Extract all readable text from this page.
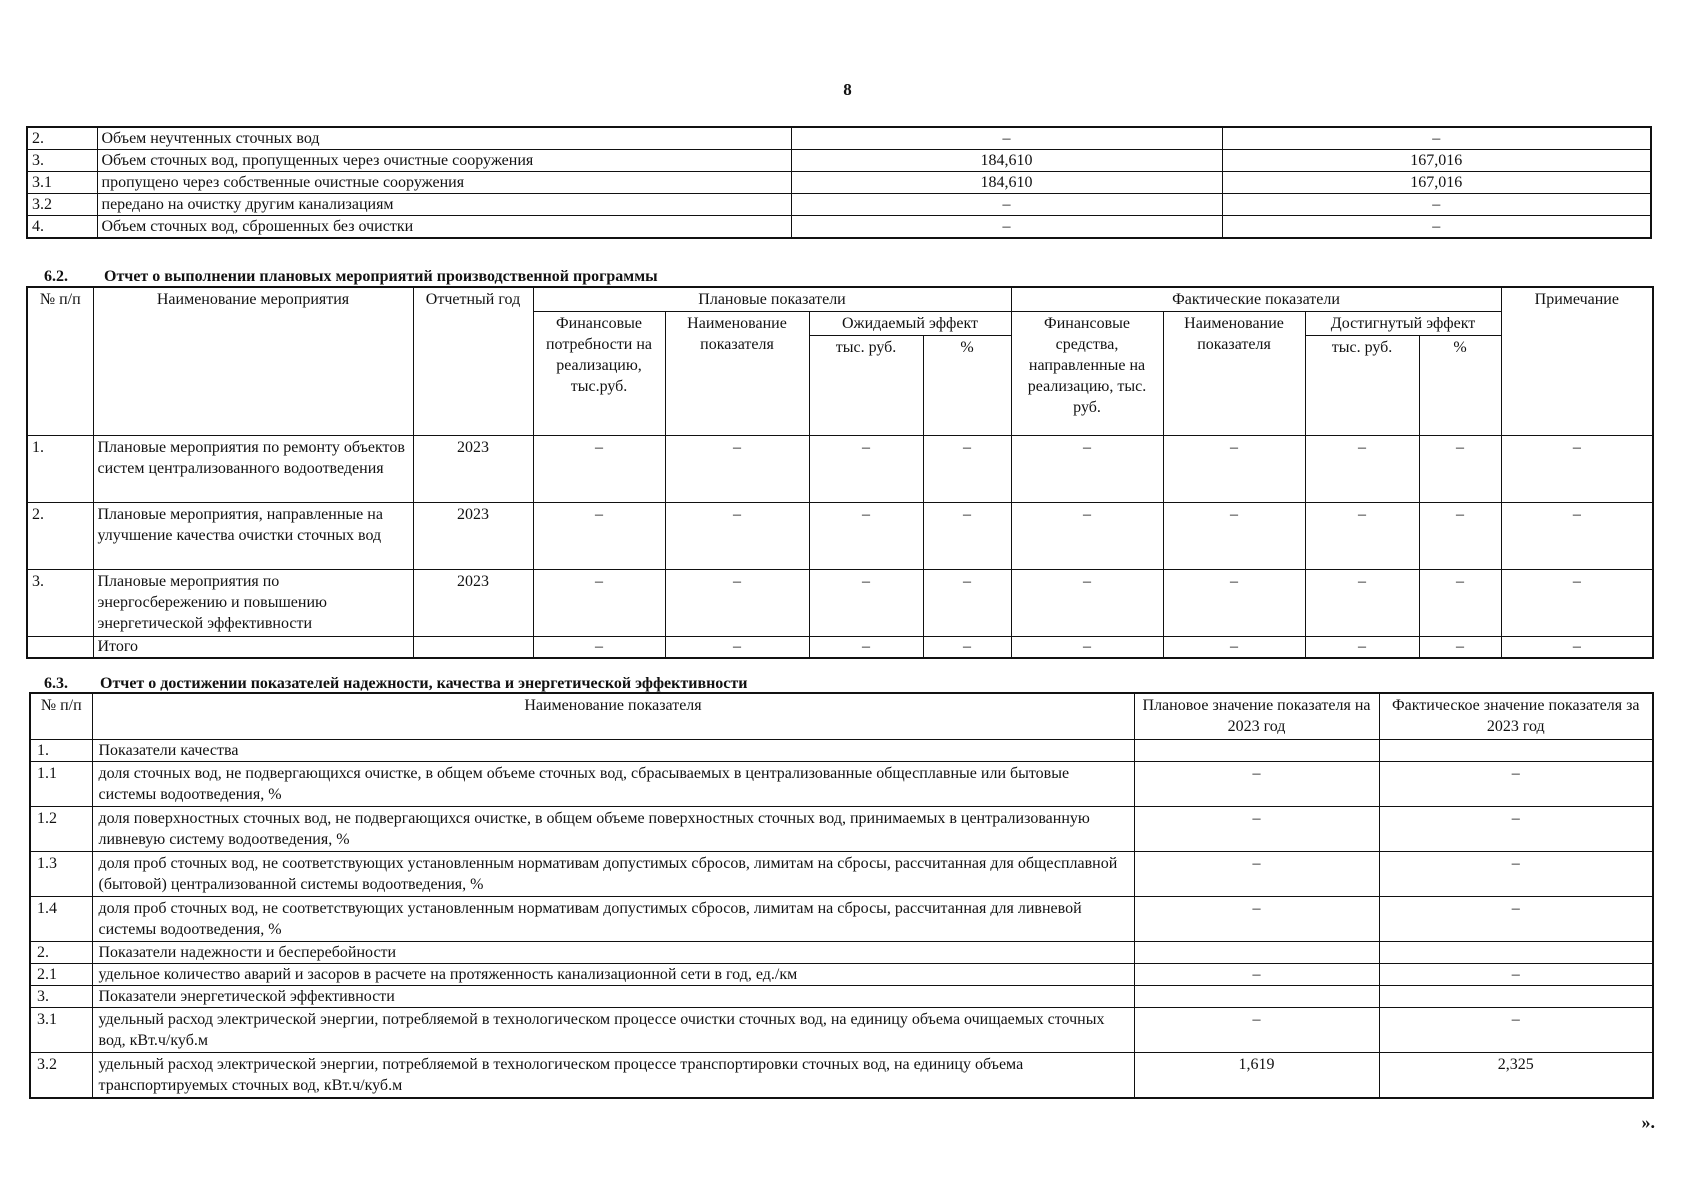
8
2.	Объем неучтенных сточных вод	–	–
3.	Объем сточных вод, пропущенных через очистные сооружения	184,610	167,016
3.1	пропущено через собственные очистные сооружения	184,610	167,016
3.2	передано на очистку другим канализациям	–	–
4.	Объем сточных вод, сброшенных без очистки	–	–
6.2. Отчет о выполнении плановых мероприятий производственной программы
№ п/п	Наименование мероприятия	Отчетный год	Плановые показатели				Фактические показатели				Примечание
			Финансовые потребности на реализацию, тыс.руб.	Наименование показателя	Ожидаемый эффект		Финансовые средства, направленные на реализацию, тыс. руб.	Наименование показателя	Достигнутый эффект		
					тыс. руб.	%			тыс. руб.	%	
1.	Плановые мероприятия по ремонту объектов систем централизованного водоотведения	2023	–	–	–	–	–	–	–	–	–
2.	Плановые мероприятия, направленные на улучшение качества очистки сточных вод	2023	–	–	–	–	–	–	–	–	–
3.	Плановые мероприятия по энергосбережению и повышению энергетической эффективности	2023	–	–	–	–	–	–	–	–	–
	Итого		–	–	–	–	–	–	–	–	–
6.3. Отчет о достижении показателей надежности, качества и энергетической эффективности
№ п/п	Наименование показателя	Плановое значение показателя на 2023 год	Фактическое значение показателя за 2023 год
1.	Показатели качества		
1.1	доля сточных вод, не подвергающихся очистке, в общем объеме сточных вод, сбрасываемых в централизованные общесплавные или бытовые системы водоотведения, %	–	–
1.2	доля поверхностных сточных вод, не подвергающихся очистке, в общем объеме поверхностных сточных вод, принимаемых в централизованную ливневую систему водоотведения, %	–	–
1.3	доля проб сточных вод, не соответствующих установленным нормативам допустимых сбросов, лимитам на сбросы, рассчитанная для общесплавной (бытовой) централизованной системы водоотведения, %	–	–
1.4	доля проб сточных вод, не соответствующих установленным нормативам допустимых сбросов, лимитам на сбросы, рассчитанная для ливневой системы водоотведения, %	–	–
2.	Показатели надежности и бесперебойности		
2.1	удельное количество аварий и засоров в расчете на протяженность канализационной сети в год, ед./км	–	–
3.	Показатели энергетической эффективности		
3.1	удельный расход электрической энергии, потребляемой в технологическом процессе очистки сточных вод, на единицу объема очищаемых сточных вод, кВт.ч/куб.м	–	–
3.2	удельный расход электрической энергии, потребляемой в технологическом процессе транспортировки сточных вод, на единицу объема транспортируемых сточных вод, кВт.ч/куб.м	1,619	2,325
».
